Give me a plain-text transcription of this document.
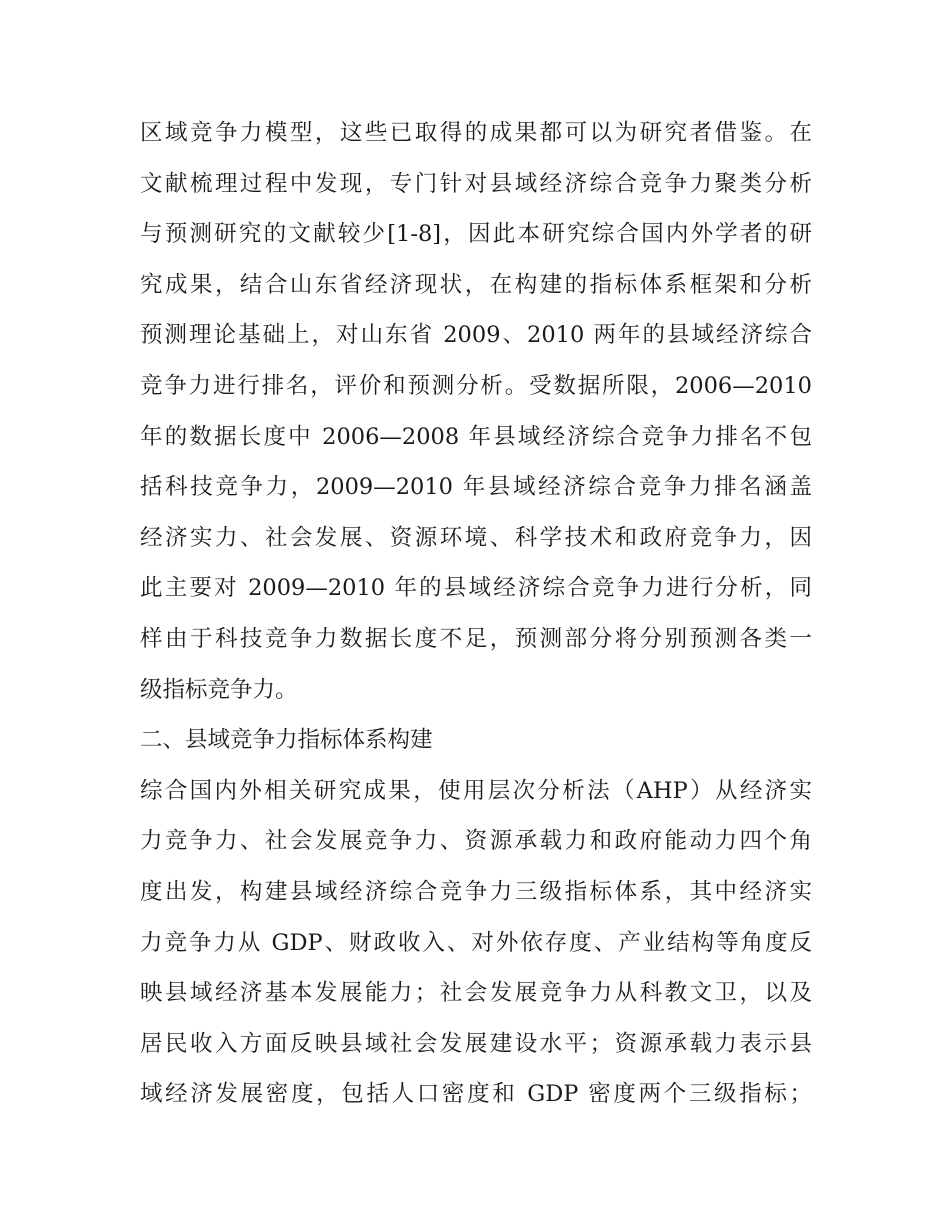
区域竞争力模型，这些已取得的成果都可以为研究者借鉴。在
文献梳理过程中发现，专门针对县域经济综合竞争力聚类分析
与预测研究的文献较少[1-8]，因此本研究综合国内外学者的研
究成果，结合山东省经济现状，在构建的指标体系框架和分析
预测理论基础上，对山东省 2009、2010 两年的县域经济综合
竞争力进行排名，评价和预测分析。受数据所限，2006—2010
年的数据长度中 2006—2008 年县域经济综合竞争力排名不包
括科技竞争力，2009—2010 年县域经济综合竞争力排名涵盖
经济实力、社会发展、资源环境、科学技术和政府竞争力，因
此主要对 2009—2010 年的县域经济综合竞争力进行分析，同
样由于科技竞争力数据长度不足，预测部分将分别预测各类一
级指标竞争力。
二、县域竞争力指标体系构建
综合国内外相关研究成果，使用层次分析法（AHP）从经济实
力竞争力、社会发展竞争力、资源承载力和政府能动力四个角
度出发，构建县域经济综合竞争力三级指标体系，其中经济实
力竞争力从 GDP、财政收入、对外依存度、产业结构等角度反
映县域经济基本发展能力；社会发展竞争力从科教文卫，以及
居民收入方面反映县域社会发展建设水平；资源承载力表示县
域经济发展密度，包括人口密度和 GDP 密度两个三级指标；
